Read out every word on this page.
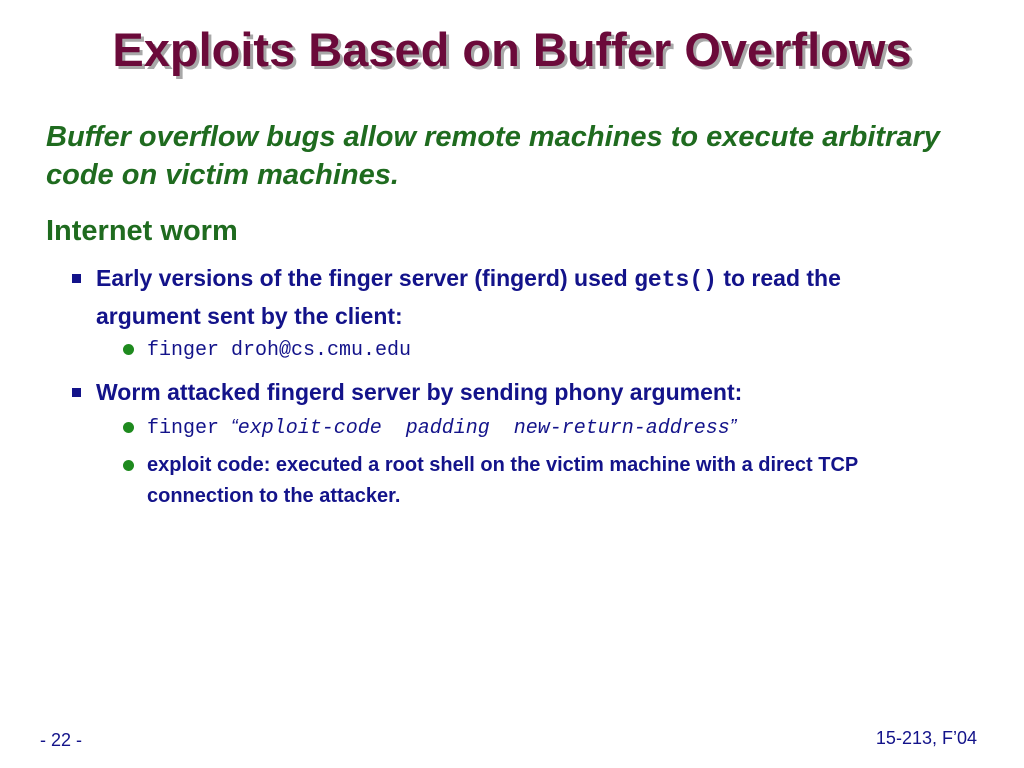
Exploits Based on Buffer Overflows
Buffer overflow bugs allow remote machines to execute arbitrary code on victim machines.
Internet worm
Early versions of the finger server (fingerd) used gets() to read the argument sent by the client:
finger droh@cs.cmu.edu
Worm attacked fingerd server by sending phony argument:
finger “exploit-code  padding  new-return-address”
exploit code: executed a root shell on the victim machine with a direct TCP connection to the attacker.
- 22 -	15-213, F’04
